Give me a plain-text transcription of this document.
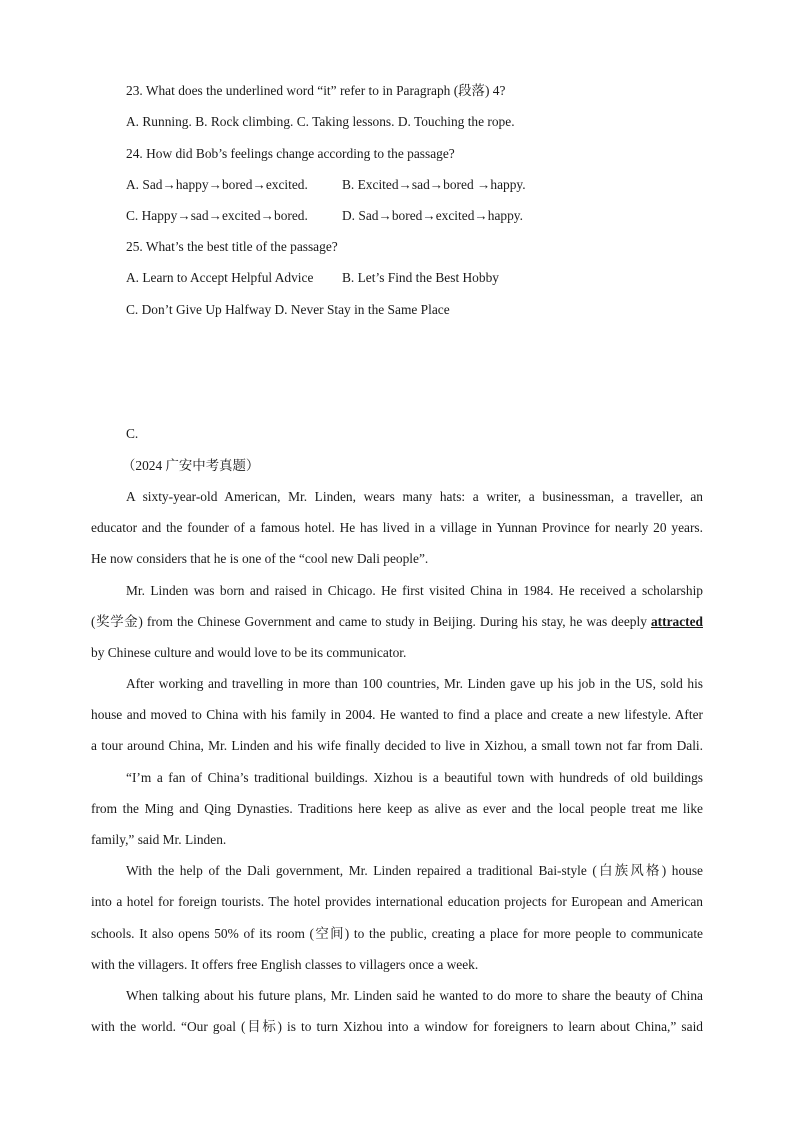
23. What does the underlined word “it” refer to in Paragraph (段落) 4?
A. Running. B. Rock climbing. C. Taking lessons. D. Touching the rope.
24. How did Bob’s feelings change according to the passage?
A. Sad→happy→bored→excited.	B. Excited→sad→bored →happy.
C. Happy→sad→excited→bored.	D. Sad→bored→excited→happy.
25. What’s the best title of the passage?
A. Learn to Accept Helpful Advice B. Let’s Find the Best Hobby
C. Don’t Give Up Halfway D. Never Stay in the Same Place
C.
（2024 广安中考真题）
A sixty-year-old American, Mr. Linden, wears many hats: a writer, a businessman, a traveller, an
educator and the founder of a famous hotel. He has lived in a village in Yunnan Province for nearly 20 years.
He now considers that he is one of the “cool new Dali people”.
Mr. Linden was born and raised in Chicago. He first visited China in 1984. He received a scholarship
(奖学金) from the Chinese Government and came to study in Beijing. During his stay, he was deeply attracted
by Chinese culture and would love to be its communicator.
After working and travelling in more than 100 countries, Mr. Linden gave up his job in the US, sold his
house and moved to China with his family in 2004. He wanted to find a place and create a new lifestyle. After
a tour around China, Mr. Linden and his wife finally decided to live in Xizhou, a small town not far from Dali.
“I’m a fan of China’s traditional buildings. Xizhou is a beautiful town with hundreds of old buildings
from the Ming and Qing Dynasties. Traditions here keep as alive as ever and the local people treat me like
family,” said Mr. Linden.
With the help of the Dali government, Mr. Linden repaired a traditional Bai-style (白族风格) house
into a hotel for foreign tourists. The hotel provides international education projects for European and American
schools. It also opens 50% of its room (空间) to the public, creating a place for more people to communicate
with the villagers. It offers free English classes to villagers once a week.
When talking about his future plans, Mr. Linden said he wanted to do more to share the beauty of China
with the world. “Our goal (目标) is to turn Xizhou into a window for foreigners to learn about China,” said
